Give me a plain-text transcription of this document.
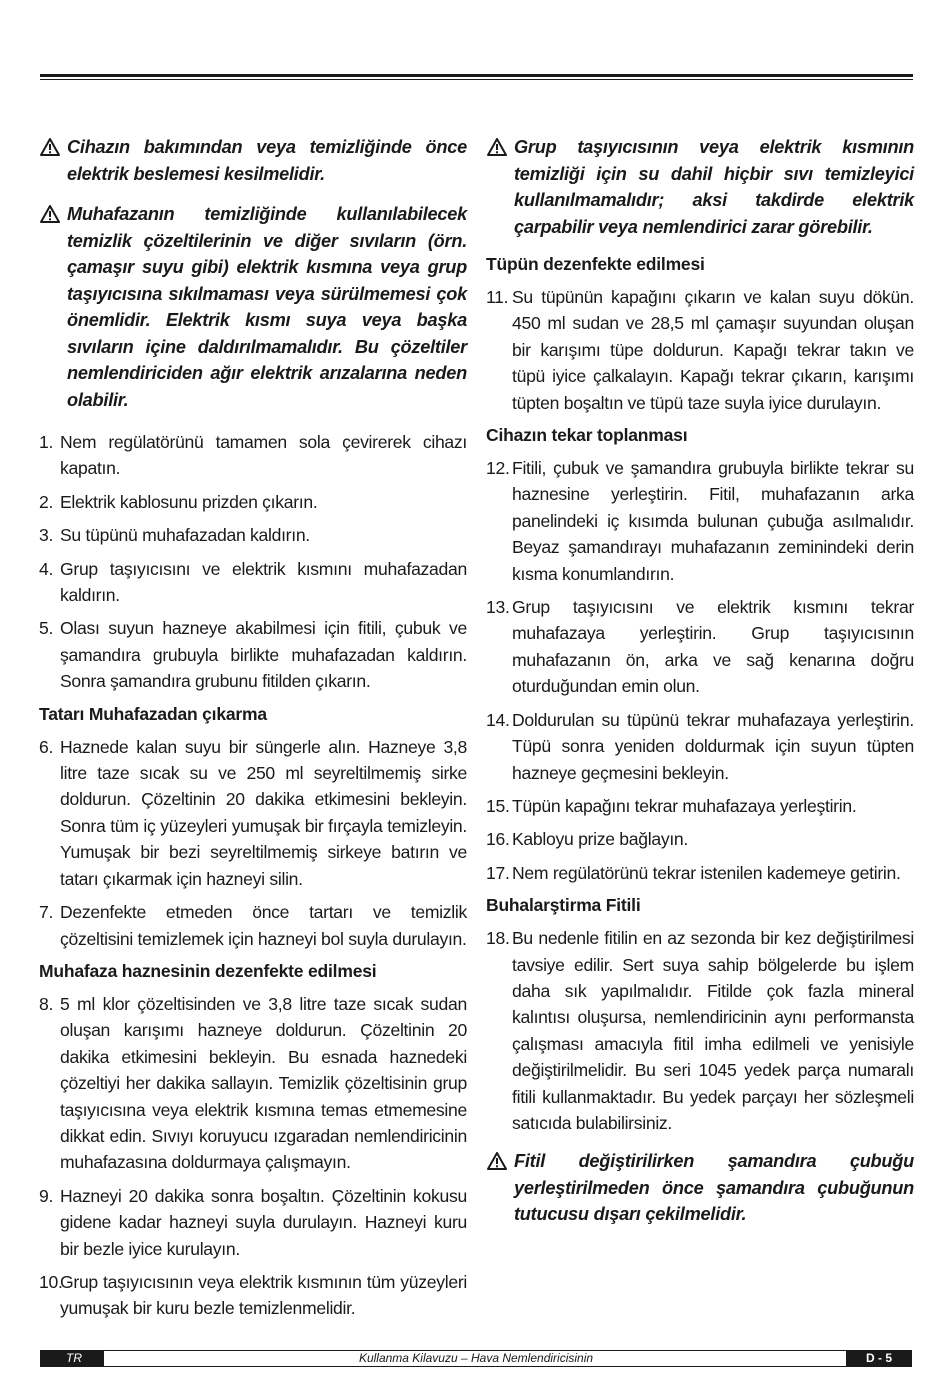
Cihazın bakımından veya temizliğinde önce elektrik beslemesi kesilmelidir.
Muhafazanın temizliğinde kullanılabilecek temizlik çözeltilerinin ve diğer sıvıların (örn. çamaşır suyu gibi) elektrik kısmına veya grup taşıyıcısına sıkılmaması veya sürülmemesi çok önemlidir. Elektrik kısmı suya veya başka sıvıların içine daldırılmamalıdır. Bu çözeltiler nemlendiriciden ağır elektrik arızalarına neden olabilir.
1. Nem regülatörünü tamamen sola çevirerek cihazı kapatın.
2. Elektrik kablosunu prizden çıkarın.
3. Su tüpünü muhafazadan kaldırın.
4. Grup taşıyıcısını ve elektrik kısmını muhafazadan kaldırın.
5. Olası suyun hazneye akabilmesi için fitili, çubuk ve şamandıra grubuyla birlikte muhafazadan kaldırın. Sonra şamandıra grubunu fitilden çıkarın.
Tatarı Muhafazadan çıkarma
6. Haznede kalan suyu bir süngerle alın. Hazneye 3,8 litre taze sıcak su ve 250 ml seyreltilmemiş sirke doldurun. Çözeltinin 20 dakika etkimesini bekleyin. Sonra tüm iç yüzeyleri yumuşak bir fırçayla temizleyin. Yumuşak bir bezi seyreltilmemiş sirkeye batırın ve tatarı çıkarmak için hazneyi silin.
7. Dezenfekte etmeden önce tartarı ve temizlik çözeltisini temizlemek için hazneyi bol suyla durulayın.
Muhafaza haznesinin dezenfekte edilmesi
8. 5 ml klor çözeltisinden ve 3,8 litre taze sıcak sudan oluşan karışımı hazneye doldurun. Çözeltinin 20 dakika etkimesini bekleyin. Bu esnada haznedeki çözeltiyi her dakika sallayın. Temizlik çözeltisinin grup taşıyıcısına veya elektrik kısmına temas etmemesine dikkat edin. Sıvıyı koruyucu ızgaradan nemlendiricinin muhafazasına doldurmaya çalışmayın.
9. Hazneyi 20 dakika sonra boşaltın. Çözeltinin kokusu gidene kadar hazneyi suyla durulayın. Hazneyi kuru bir bezle iyice kurulayın.
10.
Grup taşıyıcısının veya elektrik kısmının tüm yüzeyleri yumuşak bir kuru bezle temizlenmelidir.
Grup taşıyıcısının veya elektrik kısmının temizliği için su dahil hiçbir sıvı temizleyici kullanılmamalıdır; aksi takdirde elektrik çarpabilir veya nemlendirici zarar görebilir.
Tüpün dezenfekte edilmesi
11. Su tüpünün kapağını çıkarın ve kalan suyu dökün. 450 ml sudan ve 28,5 ml çamaşır suyundan oluşan bir karışımı tüpe doldurun. Kapağı tekrar takın ve tüpü iyice çalkalayın. Kapağı tekrar çıkarın, karışımı tüpten boşaltın ve tüpü taze suyla iyice durulayın.
Cihazın tekar toplanması
12. Fitili, çubuk ve şamandıra grubuyla birlikte tekrar su haznesine yerleştirin. Fitil, muhafazanın arka panelindeki iç kısımda bulunan çubuğa asılmalıdır. Beyaz şamandırayı muhafazanın zeminindeki derin kısma konumlandırın.
13. Grup taşıyıcısını ve elektrik kısmını tekrar muhafazaya yerleştirin. Grup taşıyıcısının muhafazanın ön, arka ve sağ kenarına doğru oturduğundan emin olun.
14. Doldurulan su tüpünü tekrar muhafazaya yerleştirin. Tüpü sonra yeniden doldurmak için suyun tüpten hazneye geçmesini bekleyin.
15. Tüpün kapağını tekrar muhafazaya yerleştirin.
16. Kabloyu prize bağlayın.
17. Nem regülatörünü tekrar istenilen kademeye getirin.
Buhalarştirma Fitili
18. Bu nedenle fitilin en az sezonda bir kez değiştirilmesi tavsiye edilir. Sert suya sahip bölgelerde bu işlem daha sık yapılmalıdır. Fitilde çok fazla mineral kalıntısı oluşursa, nemlendiricinin aynı performansta çalışması amacıyla fitil imha edilmeli ve yenisiyle değiştirilmelidir. Bu seri 1045 yedek parça numaralı fitili kullanmaktadır. Bu yedek parçayı her sözleşmeli satıcıda bulabilirsiniz.
Fitil değiştirilirken şamandıra çubuğu yerleştirilmeden önce şamandıra çubuğunun tutucusu dışarı çekilmelidir.
TR	Kullanma Kilavuzu – Hava Nemlendiricisinin	D - 5
